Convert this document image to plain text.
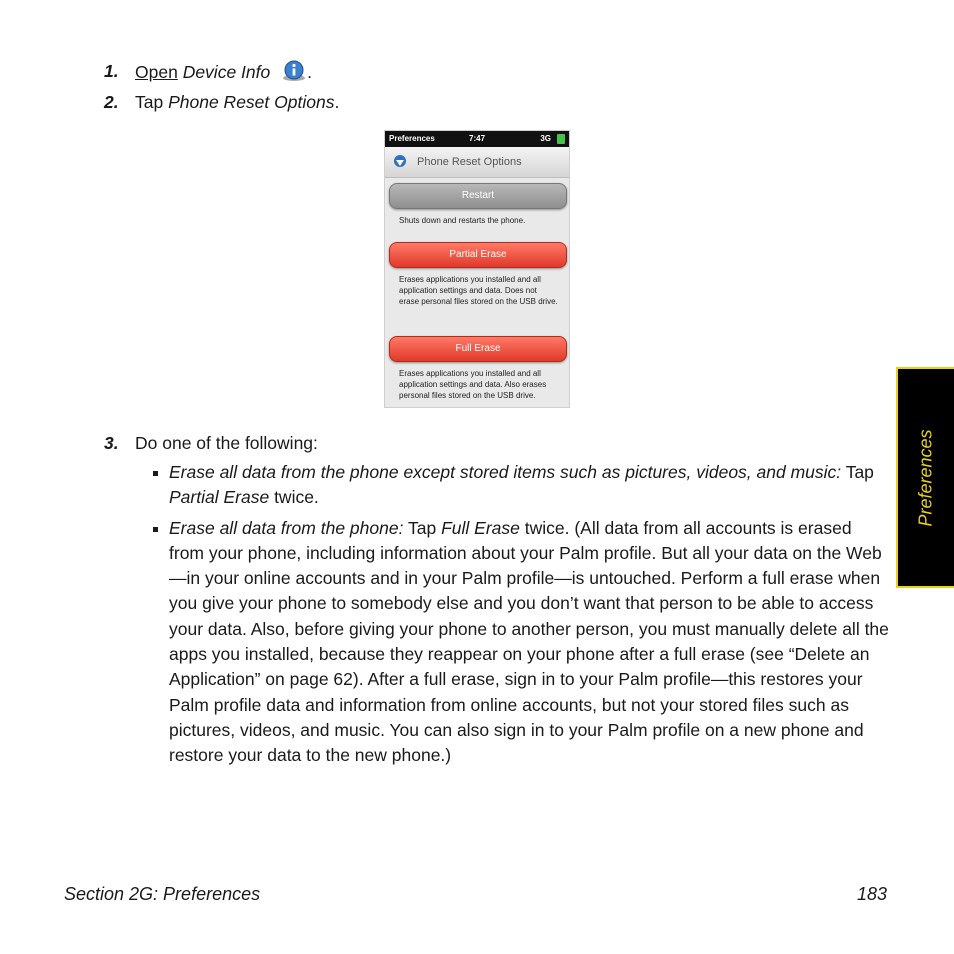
1. Open Device Info .
2. Tap Phone Reset Options.
Preferences	7:47	3G
Phone Reset Options
Restart
Shuts down and restarts the phone.
Partial Erase
Erases applications you installed and all application settings and data. Does not erase personal files stored on the USB drive.
Full Erase
Erases applications you installed and all application settings and data. Also erases personal files stored on the USB drive.
3. Do one of the following:
Erase all data from the phone except stored items such as pictures, videos, and music: Tap Partial Erase twice.
Erase all data from the phone: Tap Full Erase twice. (All data from all accounts is erased from your phone, including information about your Palm profile. But all your data on the Web—in your online accounts and in your Palm profile—is untouched. Perform a full erase when you give your phone to somebody else and you don’t want that person to be able to access your data. Also, before giving your phone to another person, you must manually delete all the apps you installed, because they reappear on your phone after a full erase (see “Delete an Application” on page 62). After a full erase, sign in to your Palm profile—this restores your Palm profile data and information from online accounts, but not your stored files such as pictures, videos, and music. You can also sign in to your Palm profile on a new phone and restore your data to the new phone.)
Preferences
Section 2G: Preferences	183
